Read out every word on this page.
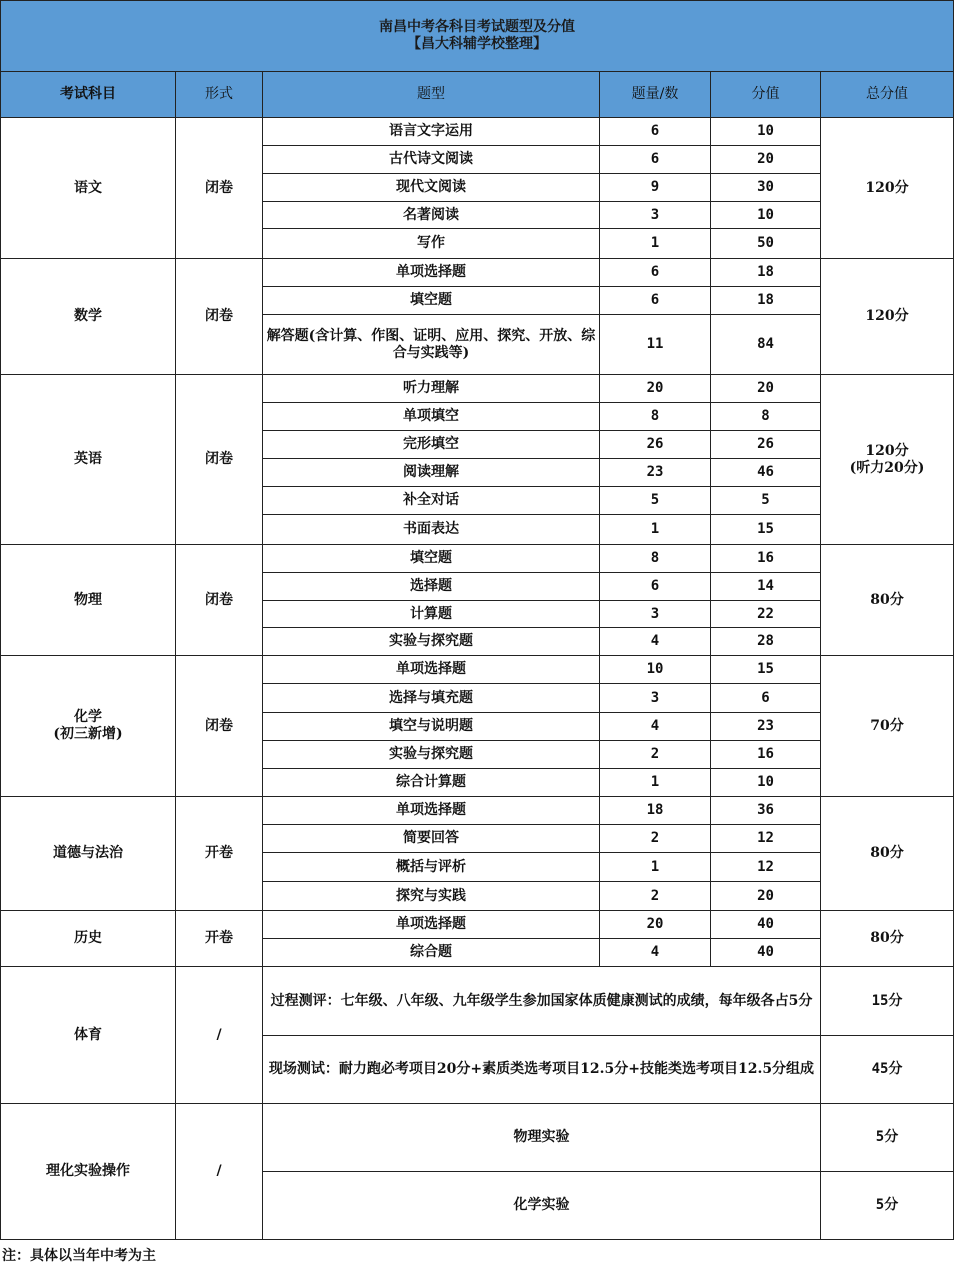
南昌中考各科目考试题型及分值
【昌大科辅学校整理】					

考试科目	形式	题型	题量/数	分值	总分值

语文	闭卷	语言文字运用	6	10	120分

		古代诗文阅读	6	20	
		现代文阅读	9	30	
		名著阅读	3	10	
		写作	1	50	

数学	闭卷	单项选择题	6	18	120分

		填空题	6	18	
		解答题(含计算、作图、证明、应用、探究、开放、综合与实践等)	11	84	

英语	闭卷	听力理解	20	20	120分
(听力20分)

		单项填空	8	8	
		完形填空	26	26	
		阅读理解	23	46	
		补全对话	5	5	
		书面表达	1	15	

物理	闭卷	填空题	8	16	80分

		选择题	6	14	
		计算题	3	22	
		实验与探究题	4	28	

化学
(初三新增)	闭卷	单项选择题	10	15	70分

		选择与填充题	3	6	
		填空与说明题	4	23	
		实验与探究题	2	16	
		综合计算题	1	10	

道德与法治	开卷	单项选择题	18	36	80分

		简要回答	2	12	
		概括与评析	1	12	
		探究与实践	2	20	

历史	开卷	单项选择题	20	40	80分

		综合题	4	40	
体育	/	过程测评：七年级、八年级、九年级学生参加国家体质健康测试的成绩，每年级各占5分			15分
		现场测试：耐力跑必考项目20分+素质类选考项目12.5分+技能类选考项目12.5分组成			45分
理化实验操作	/	物理实验			5分
		化学实验			5分
注：具体以当年中考为主
